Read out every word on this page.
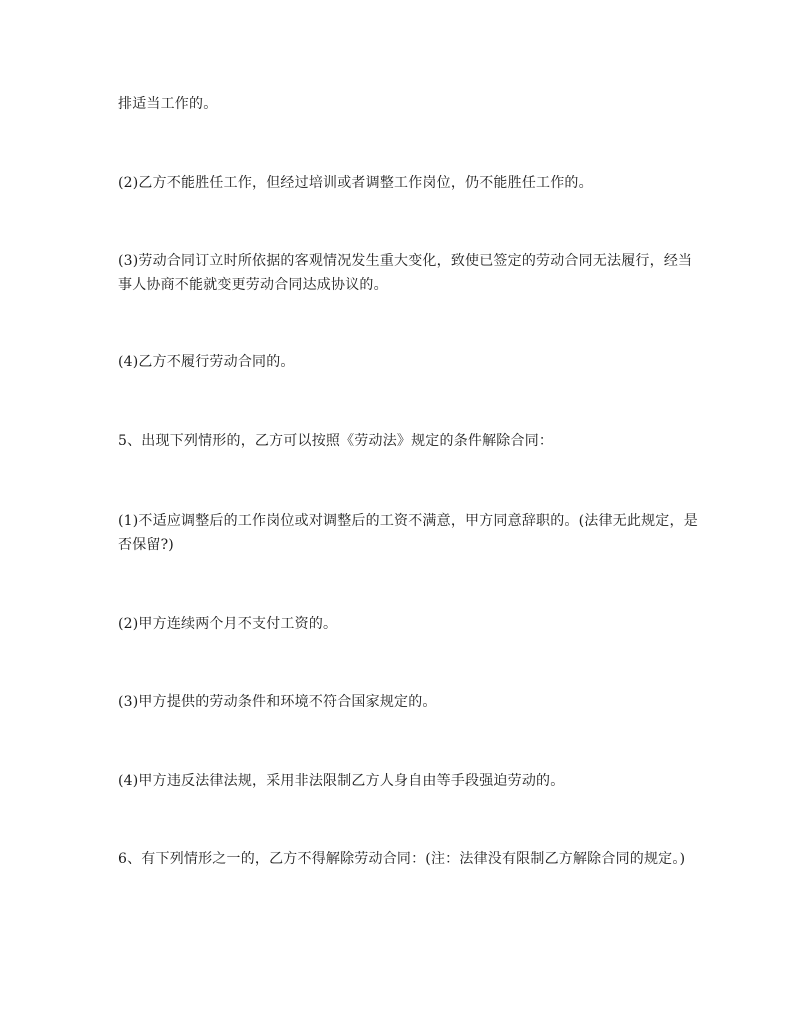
排适当工作的。

(2)乙方不能胜任工作，但经过培训或者调整工作岗位，仍不能胜任工作的。

(3)劳动合同订立时所依据的客观情况发生重大变化，致使已签定的劳动合同无法履行，经当事人协商不能就变更劳动合同达成协议的。

(4)乙方不履行劳动合同的。

5、出现下列情形的，乙方可以按照《劳动法》规定的条件解除合同：

(1)不适应调整后的工作岗位或对调整后的工资不满意，甲方同意辞职的。(法律无此规定，是否保留?)

(2)甲方连续两个月不支付工资的。

(3)甲方提供的劳动条件和环境不符合国家规定的。

(4)甲方违反法律法规，采用非法限制乙方人身自由等手段强迫劳动的。

6、有下列情形之一的，乙方不得解除劳动合同：(注：法律没有限制乙方解除合同的规定。)
